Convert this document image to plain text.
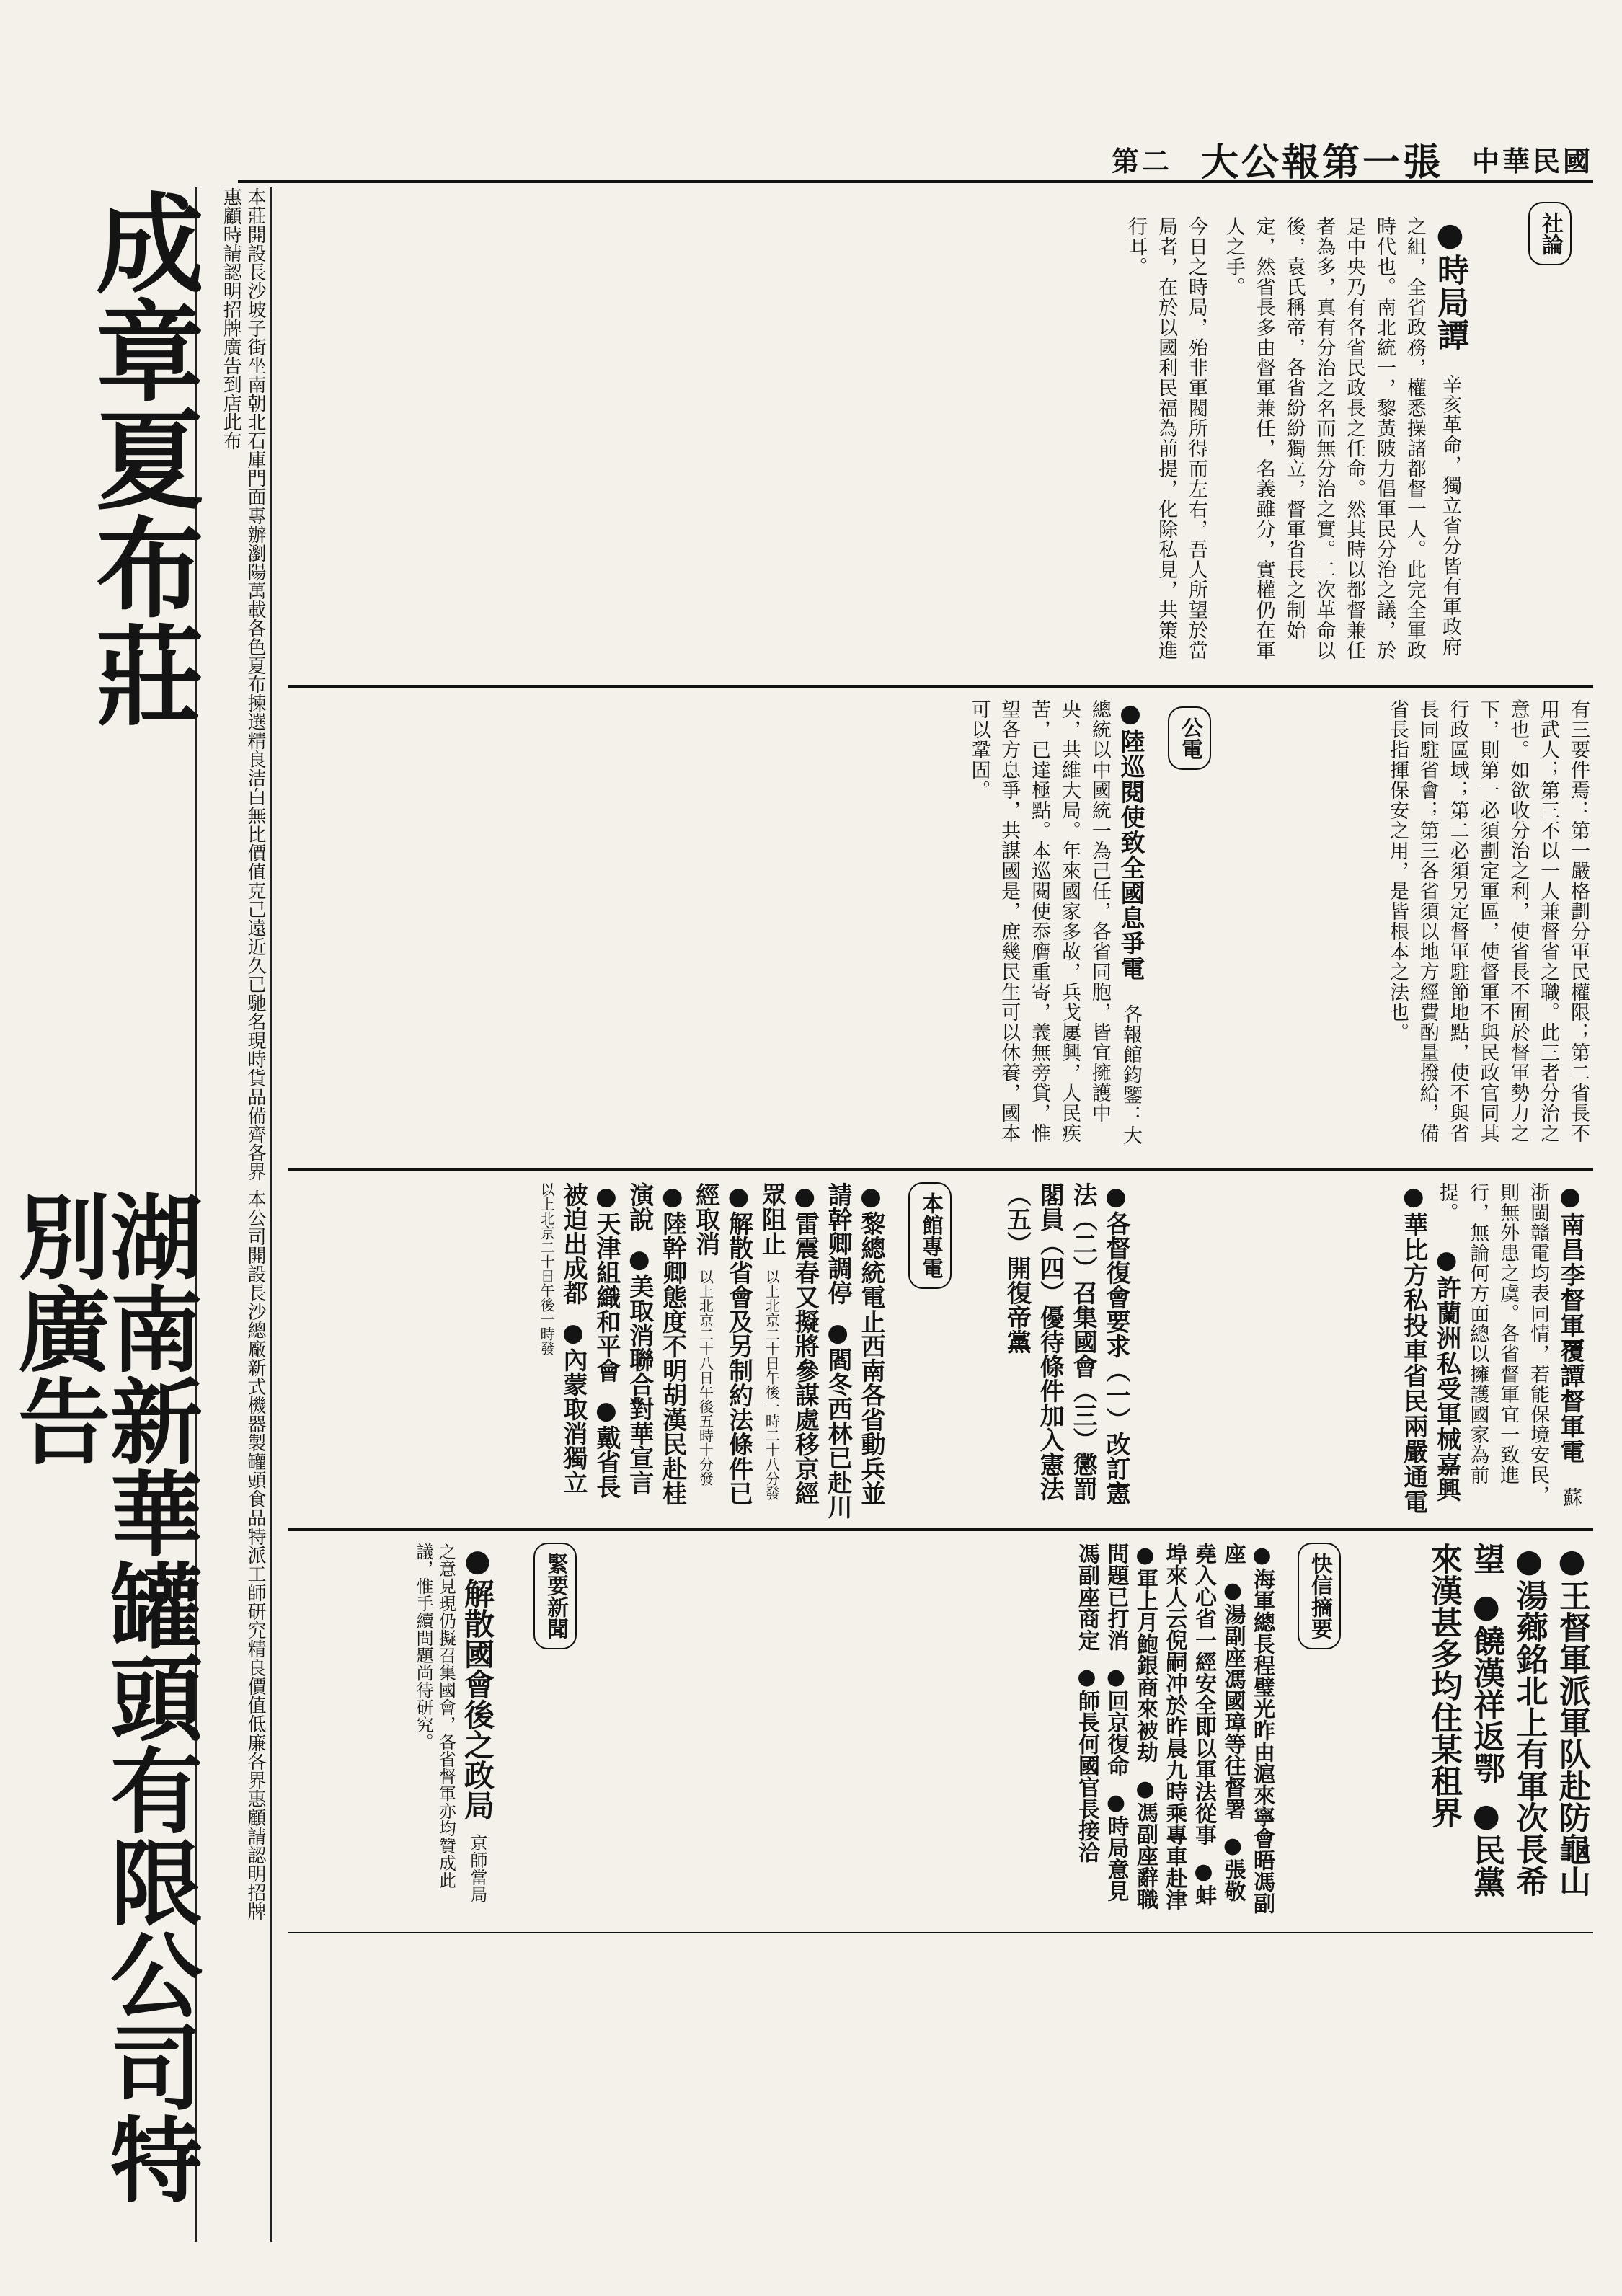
中華民國
大公報第一張
第二
成章夏布莊	本莊開設長沙坡子街坐南朝北石庫門面專辦瀏陽萬載各色夏布揀選精良洁白無比價值克己遠近久已馳名現時貨品備齊各界惠顧時請認明招牌廣告到店此布
湖南新華罐頭有限公司特別廣告	本公司開設長沙總廠新式機器製罐頭食品特派工師研究精良價值低廉各界惠顧請認明招牌
社論
●時局譚 辛亥革命，獨立省分皆有軍政府之組，全省政務，權悉操諸都督一人。此完全軍政時代也。南北統一，黎黃陂力倡軍民分治之議，於是中央乃有各省民政長之任命。然其時以都督兼任者為多，真有分治之名而無分治之實。二次革命以後，袁氏稱帝，各省紛紛獨立，督軍省長之制始定，然省長多由督軍兼任，名義雖分，實權仍在軍人之手。
今日之時局，殆非軍閥所得而左右，吾人所望於當局者，在於以國利民福為前提，化除私見，共策進行耳。
有三要件焉：第一嚴格劃分軍民權限；第二省長不用武人；第三不以一人兼督省之職。此三者分治之意也。如欲收分治之利，使省長不囿於督軍勢力之下，則第一必須劃定軍區，使督軍不與民政官同其行政區域；第二必須另定督軍駐節地點，使不與省長同駐省會；第三各省須以地方經費酌量撥給，備省長指揮保安之用，是皆根本之法也。
公電
●陸巡閱使致全國息爭電 各報館鈞鑒：大總統以中國統一為己任，各省同胞，皆宜擁護中央，共維大局。年來國家多故，兵戈屢興，人民疾苦，已達極點。本巡閱使忝膺重寄，義無旁貸，惟望各方息爭，共謀國是，庶幾民生可以休養，國本可以鞏固。
●南昌李督軍覆譚督軍電 蘇浙閩贛電均表同情，若能保境安民，則無外患之虞。各省督軍宜一致進行，無論何方面總以擁護國家為前提。 ●許蘭洲私受軍械嘉興 ●華比方私投車省民兩嚴通電
本館專電	●各督復會要求（一）改訂憲法（二）召集國會（三）懲罰閣員（四）優待條件加入憲法（五）開復帝黨
●黎總統電止西南各省動兵並請幹卿調停 ●閻冬西林已赴川 ●雷震春又擬將參謀處移京經眾阻止 以上北京二十日午後一時二十八分發 ●解散省會及另制約法條件已經取消 以上北京二十八日午後五時十分發 ●陸幹卿態度不明胡漢民赴桂演說 ●美取消聯合對華宣言 ●天津組織和平會 ●戴省長被迫出成都 ●內蒙取消獨立 以上北京二十日午後一時發
●王督軍派軍队赴防龜山 ●湯薌銘北上有軍次長希望 ●饒漢祥返鄂 ●民黨來漢甚多均住某租界
快信摘要
●海軍總長程璧光昨由滬來寧會晤馮副座 ●湯副座馮國璋等往督署 ●張敬堯入心省一經安全即以軍法從事 ●蚌埠來人云倪嗣冲於昨晨九時乘專車赴津 ●軍上月鮑銀商來被劫 ●馮副座辭職問題已打消 ●回京復命 ●時局意見馮副座商定 ●師長何國官長接洽
緊要新聞
●解散國會後之政局 京師當局之意見現仍擬召集國會，各省督軍亦均贊成此議，惟手續問題尚待研究。
